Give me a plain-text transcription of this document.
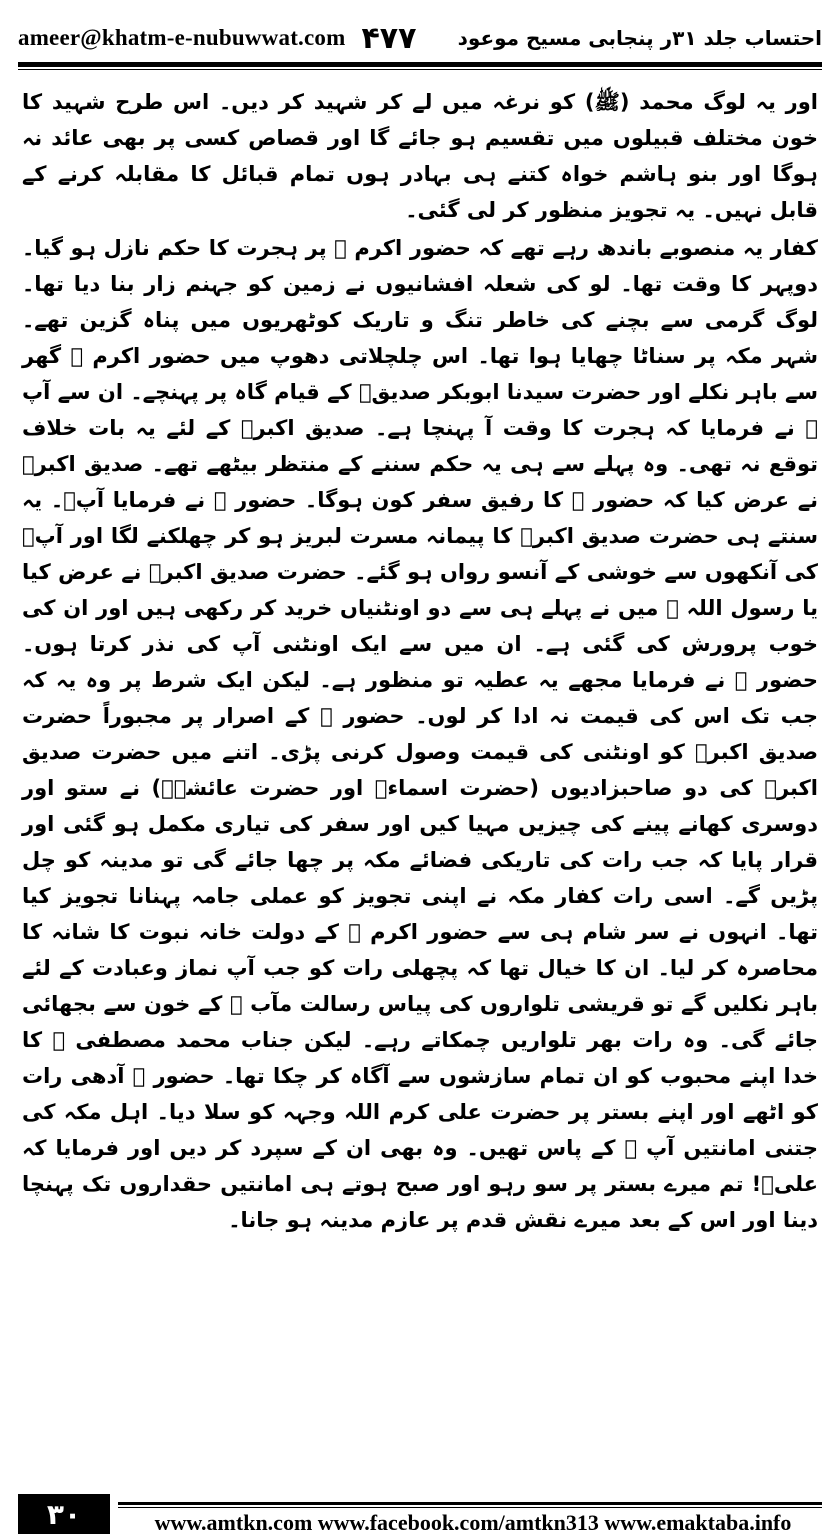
ameer@khatm-e-nubuwwat.com ۴۷۷ احتساب جلد ۳۱ر پنجابی مسیح موعود

اور یہ لوگ محمد (ﷺ) کو نرغہ میں لے کر شہید کر دیں۔ اس طرح شہید کا خون مختلف قبیلوں میں تقسیم ہو جائے گا اور قصاص کسی پر بھی عائد نہ ہوگا اور بنو ہاشم خواہ کتنے ہی بہادر ہوں تمام قبائل کا مقابلہ کرنے کے قابل نہیں۔ یہ تجویز منظور کر لی گئی۔

کفار یہ منصوبے باندھ رہے تھے کہ حضور اکرم ﷺ پر ہجرت کا حکم نازل ہو گیا۔ دوپہر کا وقت تھا۔ لو کی شعلہ افشانیوں نے زمین کو جہنم زار بنا دیا تھا۔ لوگ گرمی سے بچنے کی خاطر تنگ و تاریک کوٹھریوں میں پناہ گزین تھے۔ شہر مکہ پر سناٹا چھایا ہوا تھا۔ اس چلچلاتی دھوپ میں حضور اکرم ﷺ گھر سے باہر نکلے اور حضرت سیدنا ابوبکر صدیقؓ کے قیام گاہ پر پہنچے۔ ان سے آپ ﷺ نے فرمایا کہ ہجرت کا وقت آ پہنچا ہے۔ صدیق اکبرؓ کے لئے یہ بات خلاف توقع نہ تھی۔ وہ پہلے سے ہی یہ حکم سننے کے منتظر بیٹھے تھے۔ صدیق اکبرؓ نے عرض کیا کہ حضور ﷺ کا رفیق سفر کون ہوگا۔ حضور ﷺ نے فرمایا آپؓ۔ یہ سنتے ہی حضرت صدیق اکبرؓ کا پیمانہ مسرت لبریز ہو کر چھلکنے لگا اور آپؓ کی آنکھوں سے خوشی کے آنسو رواں ہو گئے۔ حضرت صدیق اکبرؓ نے عرض کیا یا رسول اللہ ﷺ میں نے پہلے ہی سے دو اونٹنیاں خرید کر رکھی ہیں اور ان کی خوب پرورش کی گئی ہے۔ ان میں سے ایک اونٹنی آپ کی نذر کرتا ہوں۔ حضور ﷺ نے فرمایا مجھے یہ عطیہ تو منظور ہے۔ لیکن ایک شرط پر وہ یہ کہ جب تک اس کی قیمت نہ ادا کر لوں۔ حضور ﷺ کے اصرار پر مجبوراً حضرت صدیق اکبرؓ کو اونٹنی کی قیمت وصول کرنی پڑی۔ اتنے میں حضرت صدیق اکبرؓ کی دو صاحبزادیوں (حضرت اسماءؓ اور حضرت عائشہؓ) نے ستو اور دوسری کھانے پینے کی چیزیں مہیا کیں اور سفر کی تیاری مکمل ہو گئی اور قرار پایا کہ جب رات کی تاریکی فضائے مکہ پر چھا جائے گی تو مدینہ کو چل پڑیں گے۔ اسی رات کفار مکہ نے اپنی تجویز کو عملی جامہ پہنانا تجویز کیا تھا۔ انہوں نے سر شام ہی سے حضور اکرم ﷺ کے دولت خانہ نبوت کا شانہ کا محاصرہ کر لیا۔ ان کا خیال تھا کہ پچھلی رات کو جب آپ نماز وعبادت کے لئے باہر نکلیں گے تو قریشی تلواروں کی پیاس رسالت مآب ﷺ کے خون سے بجھائی جائے گی۔ وہ رات بھر تلواریں چمکاتے رہے۔ لیکن جناب محمد مصطفی ﷺ کا خدا اپنے محبوب کو ان تمام سازشوں سے آگاہ کر چکا تھا۔ حضور ﷺ آدھی رات کو اٹھے اور اپنے بستر پر حضرت علی کرم اللہ وجہہ کو سلا دیا۔ اہل مکہ کی جتنی امانتیں آپ ﷺ کے پاس تھیں۔ وہ بھی ان کے سپرد کر دیں اور فرمایا کہ علیؓ! تم میرے بستر پر سو رہو اور صبح ہوتے ہی امانتیں حقداروں تک پہنچا دینا اور اس کے بعد میرے نقش قدم پر عازم مدینہ ہو جانا۔

۳۰	www.amtkn.com www.facebook.com/amtkn313 www.emaktaba.info
